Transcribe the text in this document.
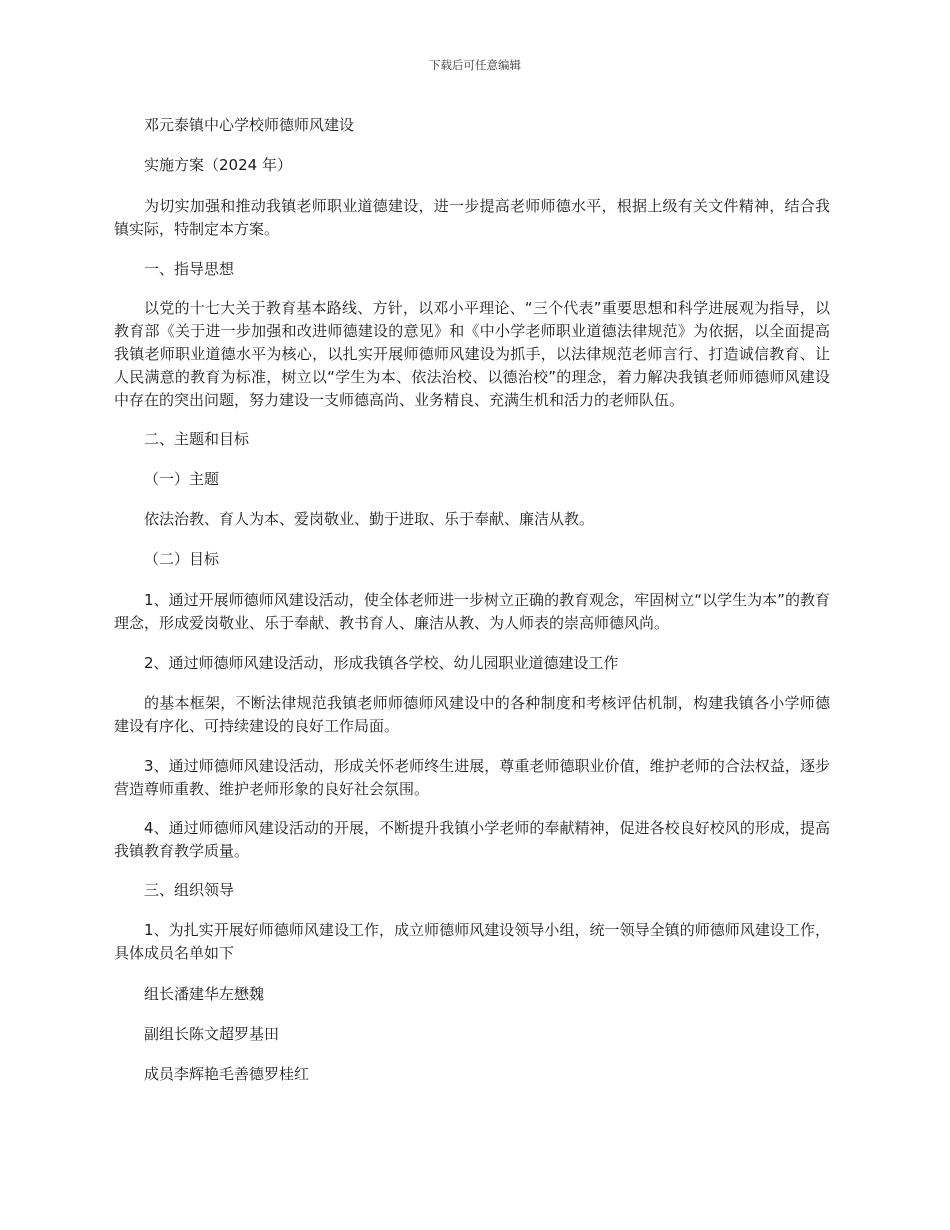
下载后可任意编辑

邓元泰镇中心学校师德师风建设

实施方案（2024 年）

为切实加强和推动我镇老师职业道德建设，进一步提高老师师德水平，根据上级有关文件精神，结合我镇实际，特制定本方案。

一、指导思想

以党的十七大关于教育基本路线、方针，以邓小平理论、“三个代表”重要思想和科学进展观为指导，以教育部《关于进一步加强和改进师德建设的意见》和《中小学老师职业道德法律规范》为依据，以全面提高我镇老师职业道德水平为核心，以扎实开展师德师风建设为抓手，以法律规范老师言行、打造诚信教育、让人民满意的教育为标准，树立以“学生为本、依法治校、以德治校”的理念，着力解决我镇老师师德师风建设中存在的突出问题，努力建设一支师德高尚、业务精良、充满生机和活力的老师队伍。

二、主题和目标

（一）主题

依法治教、育人为本、爱岗敬业、勤于进取、乐于奉献、廉洁从教。

（二）目标

1、通过开展师德师风建设活动，使全体老师进一步树立正确的教育观念，牢固树立“以学生为本”的教育理念，形成爱岗敬业、乐于奉献、教书育人、廉洁从教、为人师表的崇高师德风尚。

2、通过师德师风建设活动，形成我镇各学校、幼儿园职业道德建设工作

的基本框架，不断法律规范我镇老师师德师风建设中的各种制度和考核评估机制，构建我镇各小学师德建设有序化、可持续建设的良好工作局面。

3、通过师德师风建设活动，形成关怀老师终生进展，尊重老师德职业价值，维护老师的合法权益，逐步营造尊师重教、维护老师形象的良好社会氛围。

4、通过师德师风建设活动的开展，不断提升我镇小学老师的奉献精神，促进各校良好校风的形成，提高我镇教育教学质量。

三、组织领导

1、为扎实开展好师德师风建设工作，成立师德师风建设领导小组，统一领导全镇的师德师风建设工作，具体成员名单如下

组长潘建华左懋魏

副组长陈文超罗基田

成员李辉艳毛善德罗桂红
